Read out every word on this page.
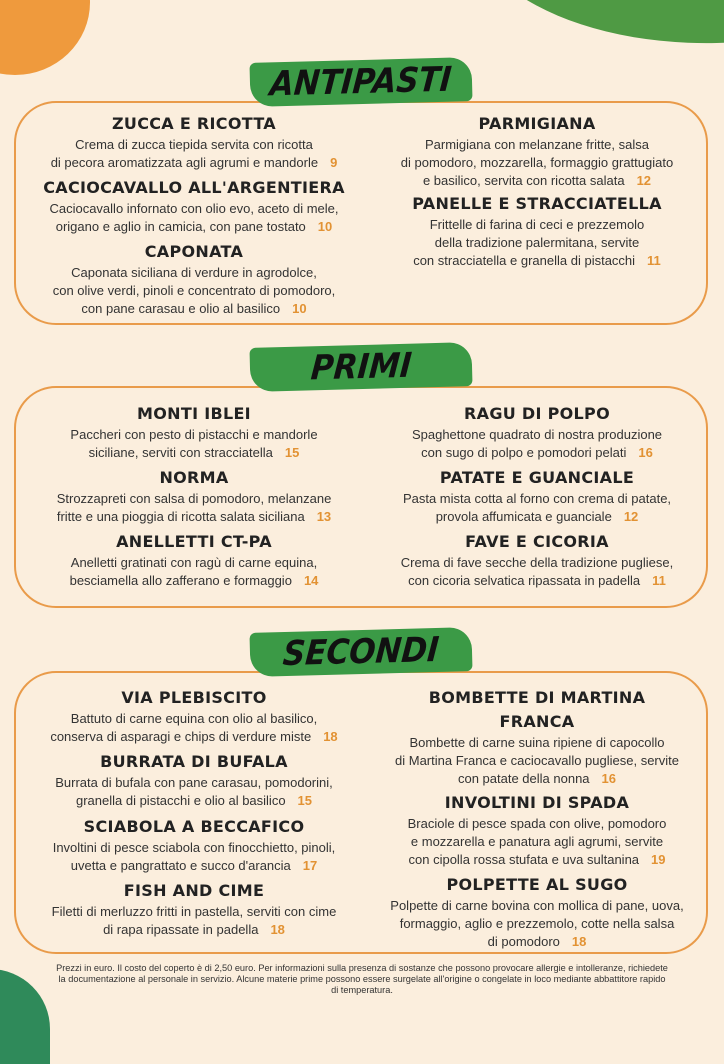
ANTIPASTI
ZUCCA E RICOTTA
Crema di zucca tiepida servita con ricotta
di pecora aromatizzata agli agrumi e mandorle 9
CACIOCAVALLO ALL'ARGENTIERA
Caciocavallo infornato con olio evo, aceto di mele,
origano e aglio in camicia, con pane tostato 10
CAPONATA
Caponata siciliana di verdure in agrodolce,
con olive verdi, pinoli e concentrato di pomodoro,
con pane carasau e olio al basilico 10
PARMIGIANA
Parmigiana con melanzane fritte, salsa
di pomodoro, mozzarella, formaggio grattugiato
e basilico, servita con ricotta salata 12
PANELLE E STRACCIATELLA
Frittelle di farina di ceci e prezzemolo
della tradizione palermitana, servite
con stracciatella e granella di pistacchi 11
PRIMI
MONTI IBLEI
Paccheri con pesto di pistacchi e mandorle
siciliane, serviti con stracciatella 15
NORMA
Strozzapreti con salsa di pomodoro, melanzane
fritte e una pioggia di ricotta salata siciliana 13
ANELLETTI CT-PA
Anelletti gratinati con ragù di carne equina,
besciamella allo zafferano e formaggio 14
RAGU DI POLPO
Spaghettone quadrato di nostra produzione
con sugo di polpo e pomodori pelati 16
PATATE E GUANCIALE
Pasta mista cotta al forno con crema di patate,
provola affumicata e guanciale 12
FAVE E CICORIA
Crema di fave secche della tradizione pugliese,
con cicoria selvatica ripassata in padella 11
SECONDI
VIA PLEBISCITO
Battuto di carne equina con olio al basilico,
conserva di asparagi e chips di verdure miste 18
BURRATA DI BUFALA
Burrata di bufala con pane carasau, pomodorini,
granella di pistacchi e olio al basilico 15
SCIABOLA A BECCAFICO
Involtini di pesce sciabola con finocchietto, pinoli,
uvetta e pangrattato e succo d'arancia 17
FISH AND CIME
Filetti di merluzzo fritti in pastella, serviti con cime
di rapa ripassate in padella 18
BOMBETTE DI MARTINA
FRANCA
Bombette di carne suina ripiene di capocollo
di Martina Franca e caciocavallo pugliese, servite
con patate della nonna 16
INVOLTINI DI SPADA
Braciole di pesce spada con olive, pomodoro
e mozzarella e panatura agli agrumi, servite
con cipolla rossa stufata e uva sultanina 19
POLPETTE AL SUGO
Polpette di carne bovina con mollica di pane, uova,
formaggio, aglio e prezzemolo, cotte nella salsa
di pomodoro 18
Prezzi in euro. Il costo del coperto è di 2,50 euro. Per informazioni sulla presenza di sostanze che possono provocare allergie e intolleranze, richiedete
la documentazione al personale in servizio. Alcune materie prime possono essere surgelate all'origine o congelate in loco mediante abbattitore rapido
di temperatura.
